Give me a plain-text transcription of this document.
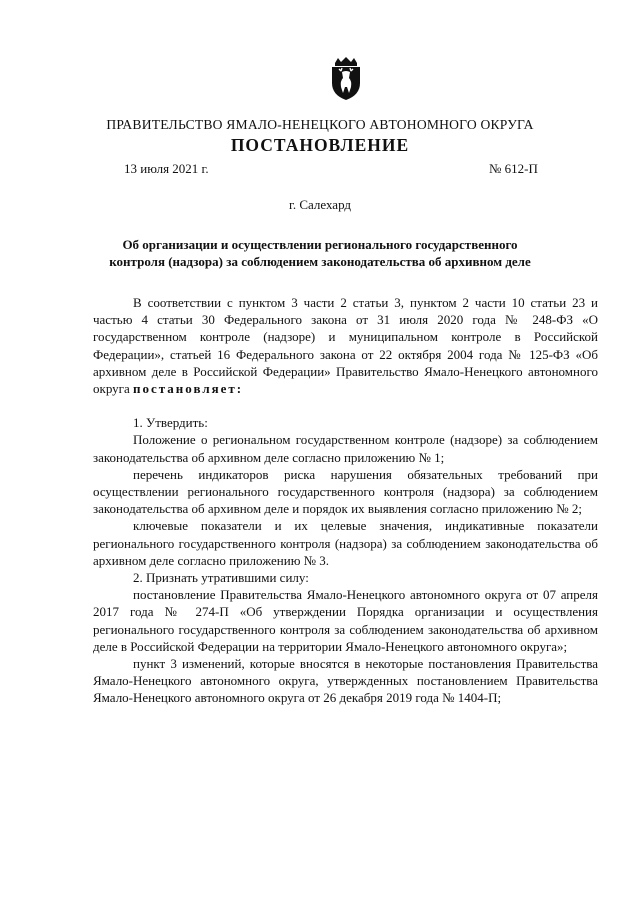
ПРАВИТЕЛЬСТВО ЯМАЛО-НЕНЕЦКОГО АВТОНОМНОГО ОКРУГА
ПОСТАНОВЛЕНИЕ
13 июля 2021 г.	№ 612-П
г. Салехард
Об организации и осуществлении регионального государственного
контроля (надзора) за соблюдением законодательства об архивном деле

В соответствии с пунктом 3 части 2 статьи 3, пунктом 2 части 10 статьи 23 и частью 4 статьи 30 Федерального закона от 31 июля 2020 года № 248-ФЗ «О государственном контроле (надзоре) и муниципальном контроле в Российской Федерации», статьей 16 Федерального закона от 22 октября 2004 года № 125-ФЗ «Об архивном деле в Российской Федерации» Правительство Ямало-Ненецкого автономного округа постановляет:

1. Утвердить:

Положение о региональном государственном контроле (надзоре) за соблюдением законодательства об архивном деле согласно приложению № 1;

перечень индикаторов риска нарушения обязательных требований при осуществлении регионального государственного контроля (надзора) за соблюдением законодательства об архивном деле и порядок их выявления согласно приложению № 2;

ключевые показатели и их целевые значения, индикативные показатели регионального государственного контроля (надзора) за соблюдением законодательства об архивном деле согласно приложению № 3.

2. Признать утратившими силу:

постановление Правительства Ямало-Ненецкого автономного округа от 07 апреля 2017 года № 274-П «Об утверждении Порядка организации и осуществления регионального государственного контроля за соблюдением законодательства об архивном деле в Российской Федерации на территории Ямало-Ненецкого автономного округа»;

пункт 3 изменений, которые вносятся в некоторые постановления Правительства Ямало-Ненецкого автономного округа, утвержденных постановлением Правительства Ямало-Ненецкого автономного округа от 26 декабря 2019 года № 1404-П;
